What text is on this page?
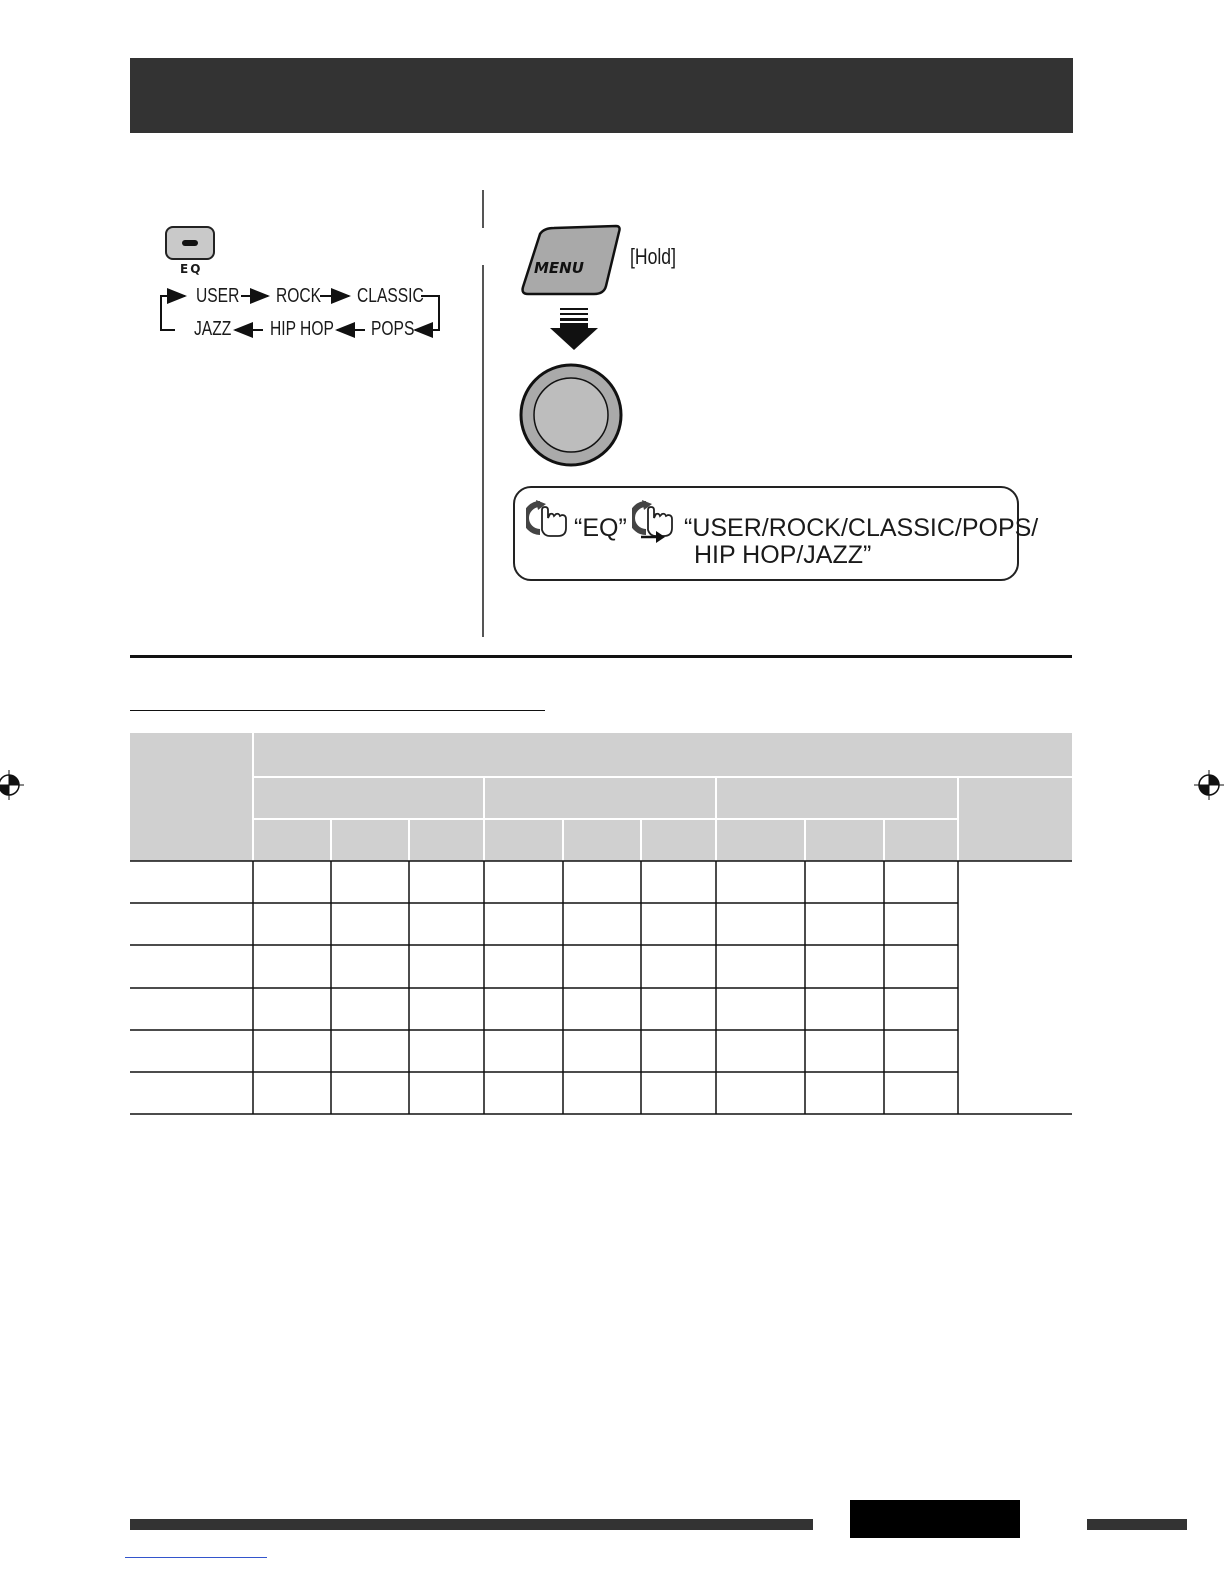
EQ
USER ROCK CLASSIC
JAZZ HIP HOP POPS
MENU [Hold]
“EQ” “USER/ROCK/CLASSIC/POPS/
HIP HOP/JAZZ”
